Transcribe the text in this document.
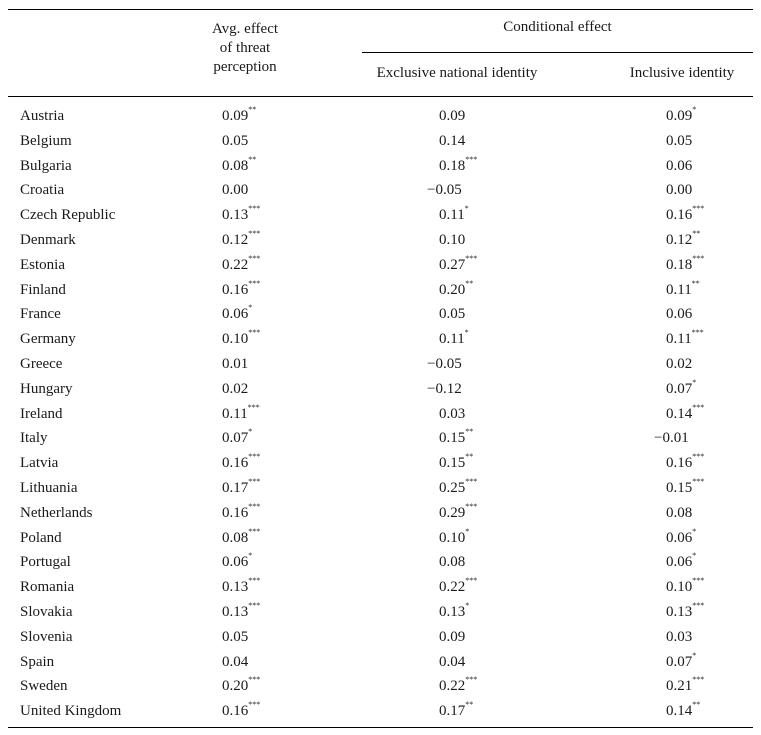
Avg. effect
of threat
perception
Conditional effect
Exclusive national identity	Inclusive identity
Austria	0.09**	0.09	0.09*
Belgium	0.05	0.14	0.05
Bulgaria	0.08**	0.18***	0.06
Croatia	0.00	−0.05	0.00
Czech Republic	0.13***	0.11*	0.16***
Denmark	0.12***	0.10	0.12**
Estonia	0.22***	0.27***	0.18***
Finland	0.16***	0.20**	0.11**
France	0.06*	0.05	0.06
Germany	0.10***	0.11*	0.11***
Greece	0.01	−0.05	0.02
Hungary	0.02	−0.12	0.07*
Ireland	0.11***	0.03	0.14***
Italy	0.07*	0.15**	−0.01
Latvia	0.16***	0.15**	0.16***
Lithuania	0.17***	0.25***	0.15***
Netherlands	0.16***	0.29***	0.08
Poland	0.08***	0.10*	0.06*
Portugal	0.06*	0.08	0.06*
Romania	0.13***	0.22***	0.10***
Slovakia	0.13***	0.13*	0.13***
Slovenia	0.05	0.09	0.03
Spain	0.04	0.04	0.07*
Sweden	0.20***	0.22***	0.21***
United Kingdom	0.16***	0.17**	0.14**
